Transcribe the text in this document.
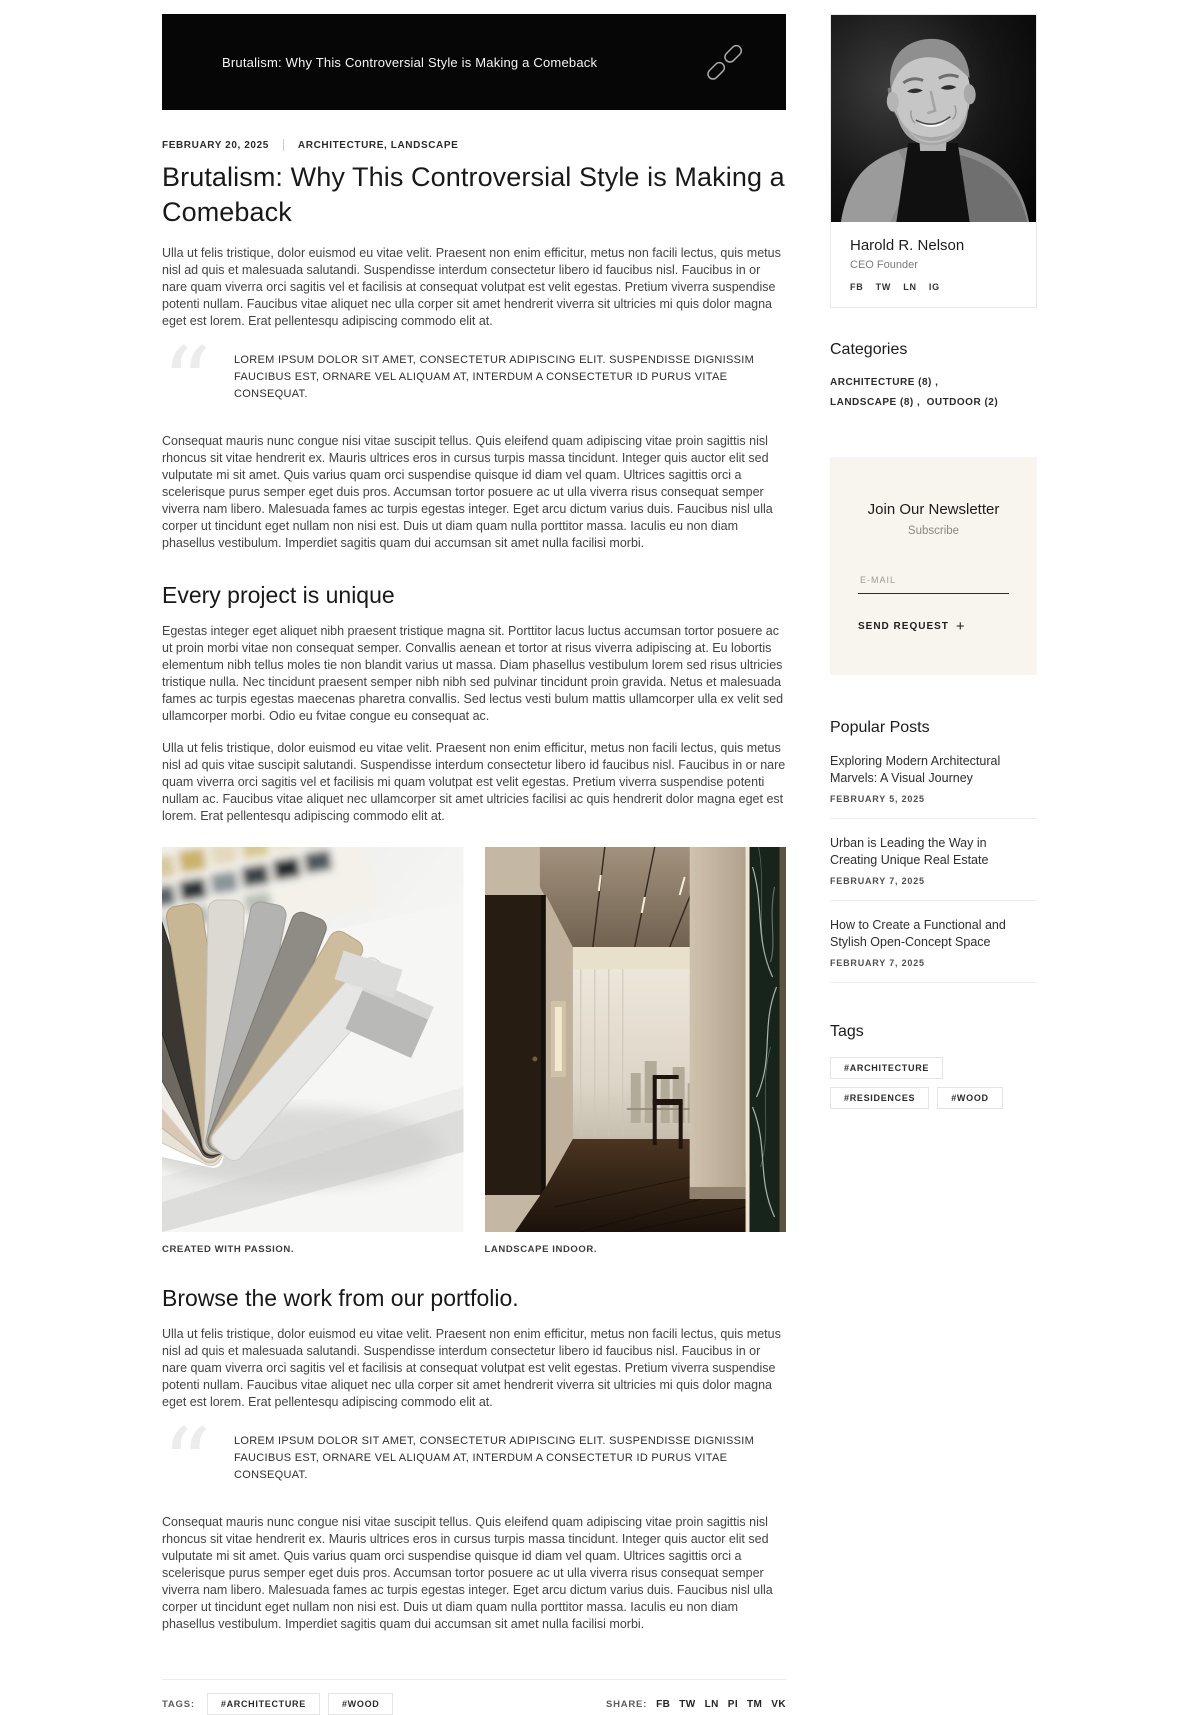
Brutalism: Why This Controversial Style is Making a Comeback
FEBRUARY 20, 2025	ARCHITECTURE, LANDSCAPE
Brutalism: Why This Controversial Style is Making a Comeback

Ulla ut felis tristique, dolor euismod eu vitae velit. Praesent non enim efficitur, metus non facili lectus, quis metus nisl ad quis et malesuada salutandi. Suspendisse interdum consectetur libero id faucibus nisl. Faucibus in or nare quam viverra orci sagitis vel et facilisis at consequat volutpat est velit egestas. Pretium viverra suspendise potenti nullam. Faucibus vitae aliquet nec ulla corper sit amet hendrerit viverra sit ultricies mi quis dolor magna eget est lorem. Erat pellentesqu adipiscing commodo elit at.

“	LOREM IPSUM DOLOR SIT AMET, CONSECTETUR ADIPISCING ELIT. SUSPENDISSE DIGNISSIM FAUCIBUS EST, ORNARE VEL ALIQUAM AT, INTERDUM A CONSECTETUR ID PURUS VITAE CONSEQUAT.

Consequat mauris nunc congue nisi vitae suscipit tellus. Quis eleifend quam adipiscing vitae proin sagittis nisl rhoncus sit vitae hendrerit ex. Mauris ultrices eros in cursus turpis massa tincidunt. Integer quis auctor elit sed vulputate mi sit amet. Quis varius quam orci suspendise quisque id diam vel quam. Ultrices sagittis orci a scelerisque purus semper eget duis pros. Accumsan tortor posuere ac ut ulla viverra risus consequat semper viverra nam libero. Malesuada fames ac turpis egestas integer. Eget arcu dictum varius duis. Faucibus nisl ulla corper ut tincidunt eget nullam non nisi est. Duis ut diam quam nulla porttitor massa. Iaculis eu non diam phasellus vestibulum. Imperdiet sagitis quam dui accumsan sit amet nulla facilisi morbi.

Every project is unique

Egestas integer eget aliquet nibh praesent tristique magna sit. Porttitor lacus luctus accumsan tortor posuere ac ut proin morbi vitae non consequat semper. Convallis aenean et tortor at risus viverra adipiscing at. Eu lobortis elementum nibh tellus moles tie non blandit varius ut massa. Diam phasellus vestibulum lorem sed risus ultricies tristique nulla. Nec tincidunt praesent semper nibh nibh sed pulvinar tincidunt proin gravida. Netus et malesuada fames ac turpis egestas maecenas pharetra convallis. Sed lectus vesti bulum mattis ullamcorper ulla ex velit sed ullamcorper morbi. Odio eu fvitae congue eu consequat ac.

Ulla ut felis tristique, dolor euismod eu vitae velit. Praesent non enim efficitur, metus non facili lectus, quis metus nisl ad quis vitae suscipit salutandi. Suspendisse interdum consectetur libero id faucibus nisl. Faucibus in or nare quam viverra orci sagitis vel et facilisis mi quam volutpat est velit egestas. Pretium viverra suspendise potenti nullam ac. Faucibus vitae aliquet nec ullamcorper sit amet ultricies facilisi ac quis hendrerit dolor magna eget est lorem. Erat pellentesqu adipiscing commodo elit at.

CREATED WITH PASSION.	LANDSCAPE INDOOR.
Browse the work from our portfolio.

Ulla ut felis tristique, dolor euismod eu vitae velit. Praesent non enim efficitur, metus non facili lectus, quis metus nisl ad quis et malesuada salutandi. Suspendisse interdum consectetur libero id faucibus nisl. Faucibus in or nare quam viverra orci sagitis vel et facilisis at consequat volutpat est velit egestas. Pretium viverra suspendise potenti nullam. Faucibus vitae aliquet nec ulla corper sit amet hendrerit viverra sit ultricies mi quis dolor magna eget est lorem. Erat pellentesqu adipiscing commodo elit at.

“	LOREM IPSUM DOLOR SIT AMET, CONSECTETUR ADIPISCING ELIT. SUSPENDISSE DIGNISSIM FAUCIBUS EST, ORNARE VEL ALIQUAM AT, INTERDUM A CONSECTETUR ID PURUS VITAE CONSEQUAT.

Consequat mauris nunc congue nisi vitae suscipit tellus. Quis eleifend quam adipiscing vitae proin sagittis nisl rhoncus sit vitae hendrerit ex. Mauris ultrices eros in cursus turpis massa tincidunt. Integer quis auctor elit sed vulputate mi sit amet. Quis varius quam orci suspendise quisque id diam vel quam. Ultrices sagittis orci a scelerisque purus semper eget duis pros. Accumsan tortor posuere ac ut ulla viverra risus consequat semper viverra nam libero. Malesuada fames ac turpis egestas integer. Eget arcu dictum varius duis. Faucibus nisl ulla corper ut tincidunt eget nullam non nisi est. Duis ut diam quam nulla porttitor massa. Iaculis eu non diam phasellus vestibulum. Imperdiet sagitis quam dui accumsan sit amet nulla facilisi morbi.

TAGS:	#ARCHITECTURE	#WOOD	SHARE: FB TW LN PI TM VK
Harold R. Nelson
CEO Founder
FB TW LN IG
Categories
ARCHITECTURE (8) , LANDSCAPE (8) , OUTDOOR (2)
Join Our Newsletter
Subscribe
E-MAIL
SEND REQUEST +
Popular Posts
Exploring Modern Architectural Marvels: A Visual Journey
FEBRUARY 5, 2025
Urban is Leading the Way in Creating Unique Real Estate
FEBRUARY 7, 2025
How to Create a Functional and Stylish Open-Concept Space
FEBRUARY 7, 2025
Tags
#ARCHITECTURE
#RESIDENCES	#WOOD
